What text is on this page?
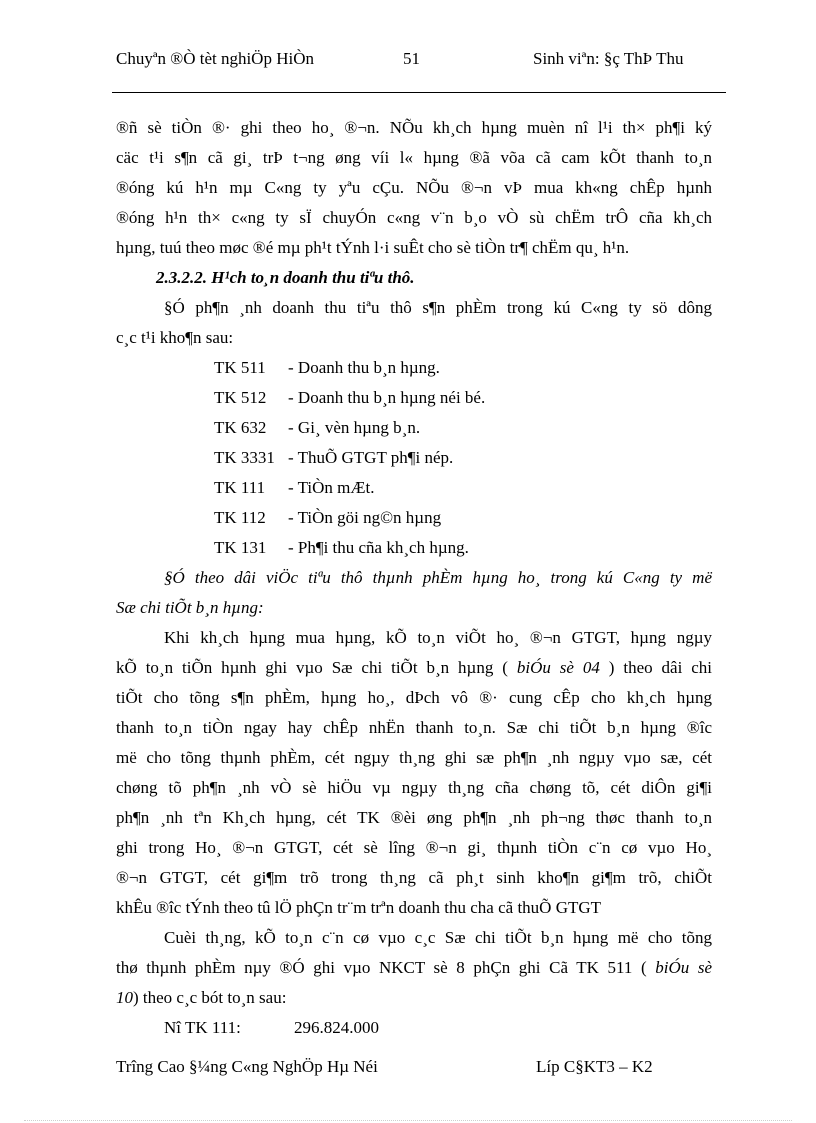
Chuyªn ®Ò tèt nghiÖp HiÒn	51	Sinh viªn: §ç ThÞ Thu
®ñ sè tiÒn ®· ghi theo ho¸ ®¬n. NÕu kh¸ch hµng muèn nî l¹i th× ph¶i ký
cäc t¹i s¶n cã gi¸ trÞ t¬ng øng víi l« hµng ®ã võa cã cam kÕt thanh to¸n
®óng kú h¹n mµ C«ng ty yªu cÇu. NÕu ®¬n vÞ mua kh«ng chÊp hµnh
®óng h¹n th× c«ng ty sÏ chuyÓn c«ng v¨n b¸o vÒ sù chËm trÔ cña kh¸ch
hµng, tuú theo møc ®é mµ ph¹t tÝnh l·i suÊt cho sè tiÒn tr¶ chËm qu¸ h¹n.
2.3.2.2. H¹ch to¸n doanh thu tiªu thô.
§Ó ph¶n ¸nh doanh thu tiªu thô s¶n phÈm trong kú C«ng ty sö dông
c¸c t¹i kho¶n sau:
TK 511 - Doanh thu b¸n hµng.
TK 512 - Doanh thu b¸n hµng néi bé.
TK 632 - Gi¸ vèn hµng b¸n.
TK 3331 - ThuÕ GTGT ph¶i nép.
TK 111 - TiÒn mÆt.
TK 112 - TiÒn göi ng©n hµng
TK 131 - Ph¶i thu cña kh¸ch hµng.
§Ó theo dâi viÖc tiªu thô thµnh phÈm hµng ho¸ trong kú C«ng ty më
Sæ chi tiÕt b¸n hµng:
Khi kh¸ch hµng mua hµng, kÕ to¸n viÕt ho¸ ®¬n GTGT, hµng ngµy
kÕ to¸n tiÕn hµnh ghi vµo Sæ chi tiÕt b¸n hµng ( biÓu sè 04 ) theo dâi chi
tiÕt cho tõng s¶n phÈm, hµng ho¸, dÞch vô ®· cung cÊp cho kh¸ch hµng
thanh to¸n tiÒn ngay hay chÊp nhËn thanh to¸n. Sæ chi tiÕt b¸n hµng ®îc
më cho tõng thµnh phÈm, cét ngµy th¸ng ghi sæ ph¶n ¸nh ngµy vµo sæ, cét
chøng tõ ph¶n ¸nh vÒ sè hiÖu vµ ngµy th¸ng cña chøng tõ, cét diÔn gi¶i
ph¶n ¸nh tªn Kh¸ch hµng, cét TK ®èi øng ph¶n ¸nh ph¬ng thøc thanh to¸n
ghi trong Ho¸ ®¬n GTGT, cét sè lîng ®¬n gi¸ thµnh tiÒn c¨n cø vµo Ho¸
®¬n GTGT, cét gi¶m trõ trong th¸ng cã ph¸t sinh kho¶n gi¶m trõ, chiÕt
khÊu ®îc tÝnh theo tû lÖ phÇn tr¨m trªn doanh thu cha cã thuÕ GTGT
Cuèi th¸ng, kÕ to¸n c¨n cø vµo c¸c Sæ chi tiÕt b¸n hµng më cho tõng
thø thµnh phÈm nµy ®Ó ghi vµo NKCT sè 8 phÇn ghi Cã TK 511 ( biÓu sè
10) theo c¸c bót to¸n sau:
Nî TK 111:	296.824.000
Trîng Cao §¼ng C«ng NghÖp Hµ Néi	Líp C§KT3 – K2
